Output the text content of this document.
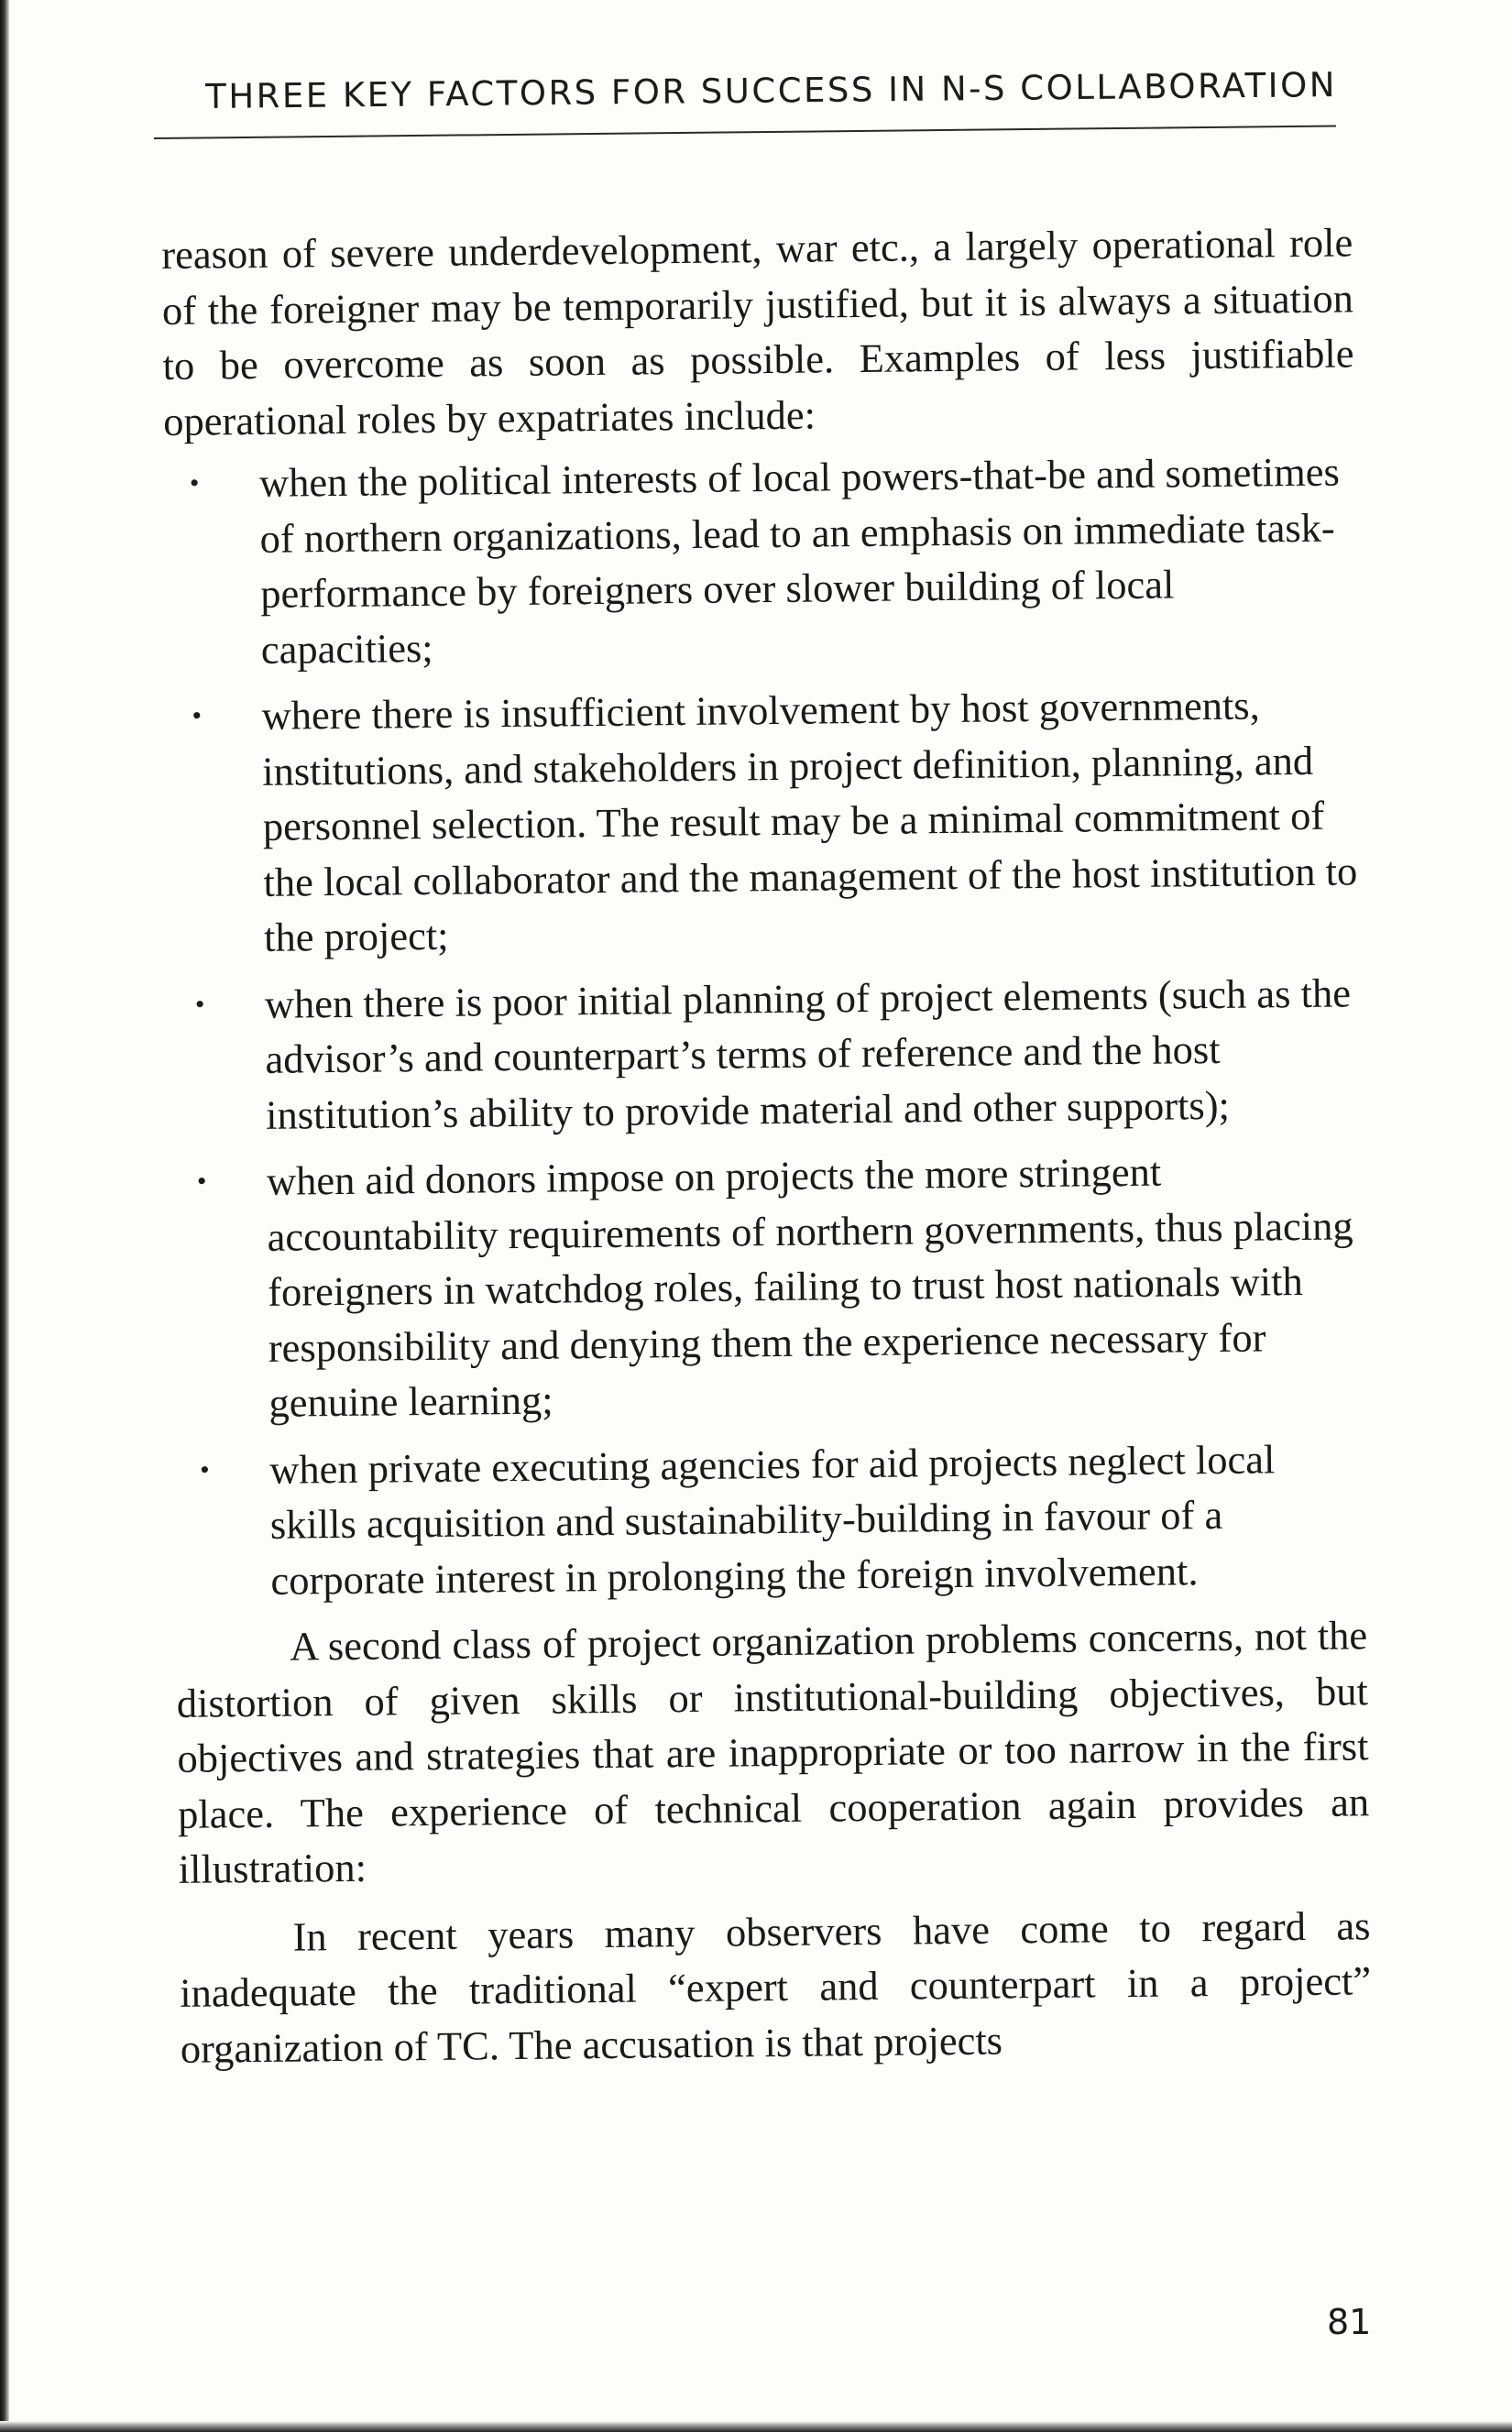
THREE KEY FACTORS FOR SUCCESS IN N-S COLLABORATION

reason of severe underdevelopment, war etc., a largely operational role of the foreigner may be temporarily justified, but it is always a situation to be overcome as soon as possible. Examples of less justifiable operational roles by expatriates include:

• when the political interests of local powers-that-be and sometimes of northern organizations, lead to an emphasis on immediate task-performance by foreigners over slower building of local capacities;
• where there is insufficient involvement by host governments, institutions, and stakeholders in project definition, planning, and personnel selection. The result may be a minimal commitment of the local collaborator and the management of the host institution to the project;
• when there is poor initial planning of project elements (such as the advisor’s and counterpart’s terms of reference and the host institution’s ability to provide material and other supports);
• when aid donors impose on projects the more stringent accountability requirements of northern governments, thus placing foreigners in watchdog roles, failing to trust host nationals with responsibility and denying them the experience necessary for genuine learning;
• when private executing agencies for aid projects neglect local skills acquisition and sustainability-building in favour of a corporate interest in prolonging the foreign involvement.

A second class of project organization problems concerns, not the distortion of given skills or institutional-building objectives, but objectives and strategies that are inappropriate or too narrow in the first place. The experience of technical cooperation again provides an illustration:

In recent years many observers have come to regard as inadequate the traditional “expert and counterpart in a project” organization of TC. The accusation is that projects

81
